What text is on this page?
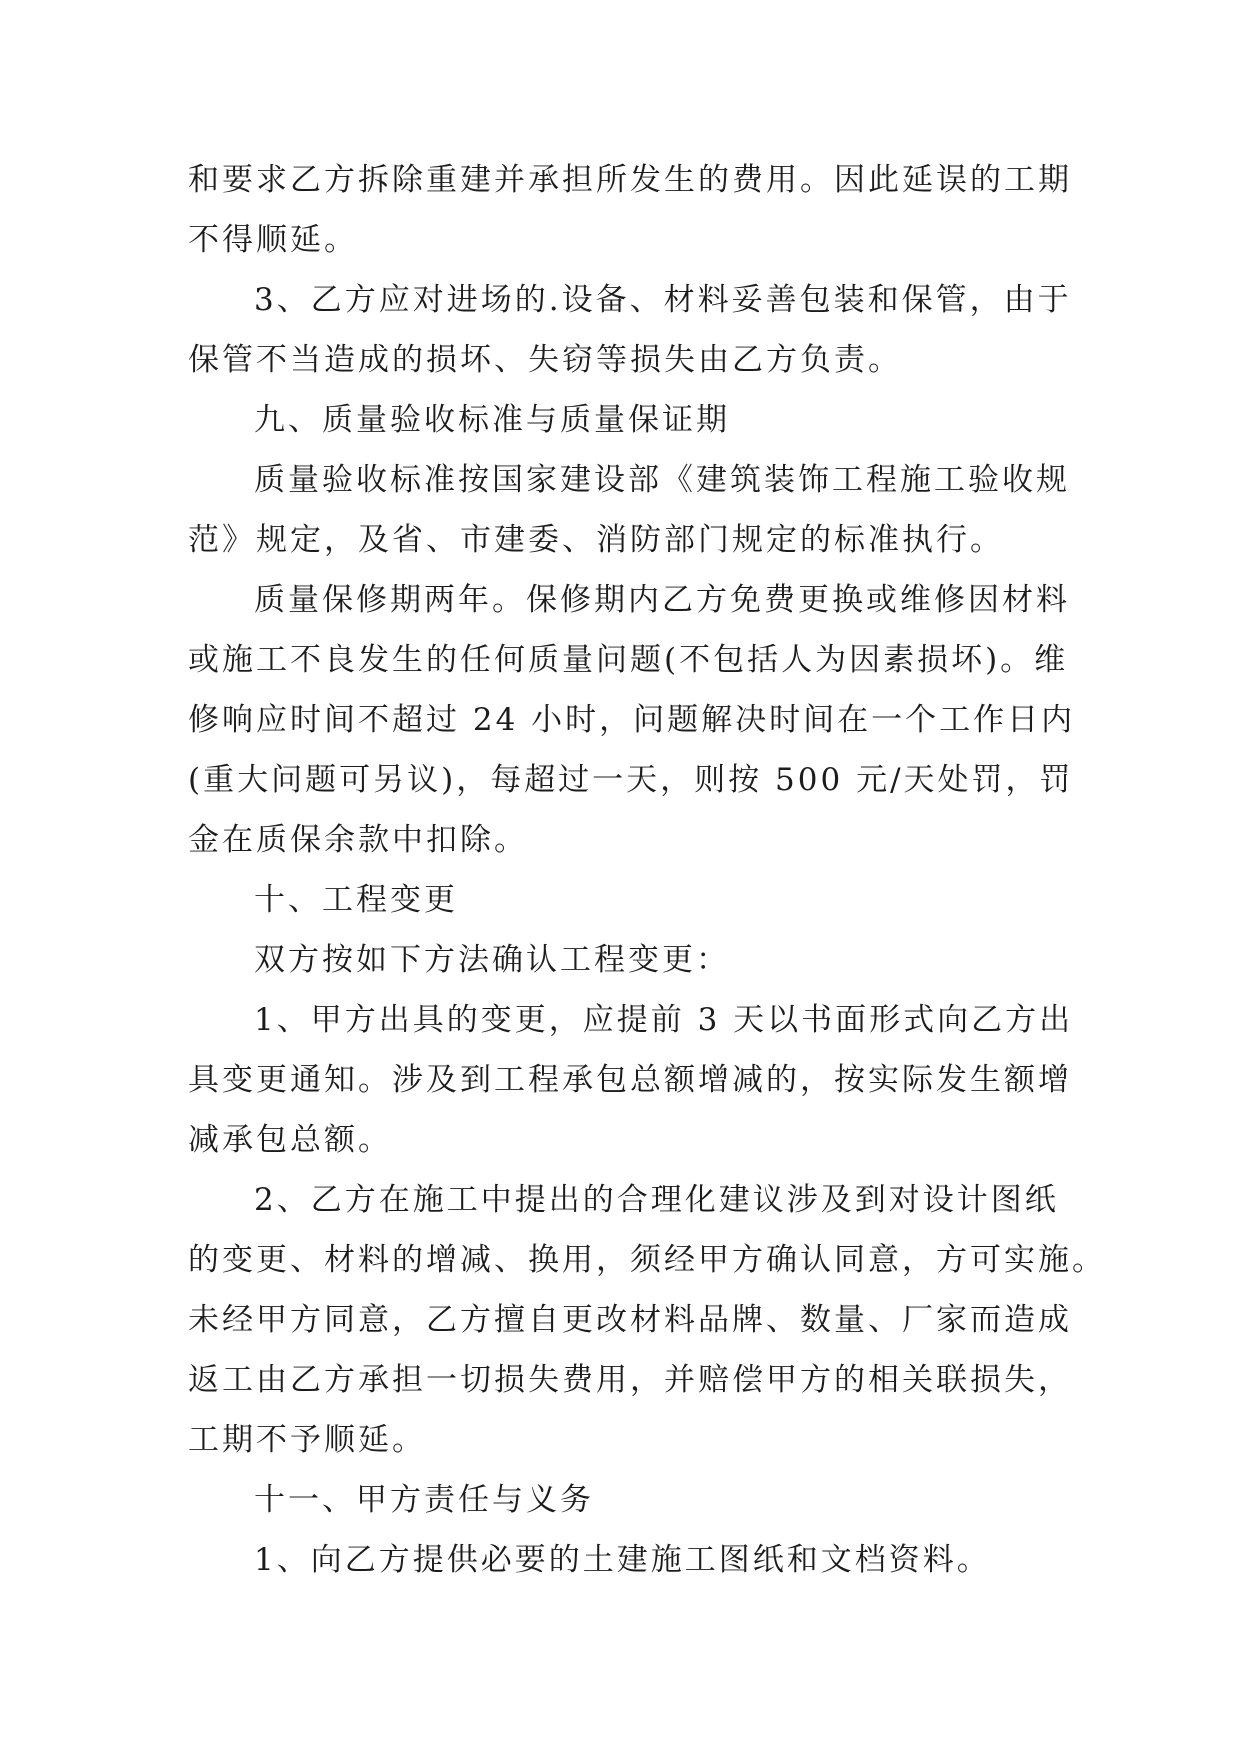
和要求乙方拆除重建并承担所发生的费用。因此延误的工期
不得顺延。
3、乙方应对进场的.设备、材料妥善包装和保管，由于
保管不当造成的损坏、失窃等损失由乙方负责。
九、质量验收标准与质量保证期
质量验收标准按国家建设部《建筑装饰工程施工验收规
范》规定，及省、市建委、消防部门规定的标准执行。
质量保修期两年。保修期内乙方免费更换或维修因材料
或施工不良发生的任何质量问题(不包括人为因素损坏)。维
修响应时间不超过 24 小时，问题解决时间在一个工作日内
(重大问题可另议)，每超过一天，则按 500 元/天处罚，罚
金在质保余款中扣除。
十、工程变更
双方按如下方法确认工程变更：
1、甲方出具的变更，应提前 3 天以书面形式向乙方出
具变更通知。涉及到工程承包总额增减的，按实际发生额增
减承包总额。
2、乙方在施工中提出的合理化建议涉及到对设计图纸
的变更、材料的增减、换用，须经甲方确认同意，方可实施。
未经甲方同意，乙方擅自更改材料品牌、数量、厂家而造成
返工由乙方承担一切损失费用，并赔偿甲方的相关联损失，
工期不予顺延。
十一、甲方责任与义务
1、向乙方提供必要的土建施工图纸和文档资料。
